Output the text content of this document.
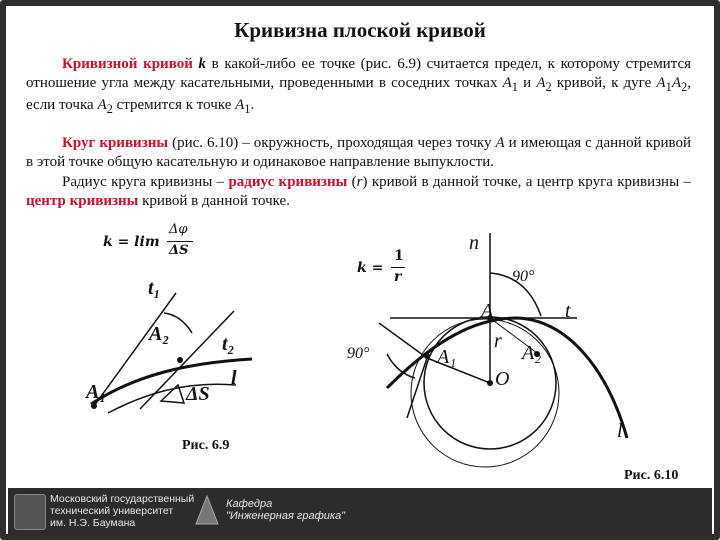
Кривизна плоской кривой
Кривизной кривой k в какой-либо ее точке (рис. 6.9) считается предел, к которому стремится отношение угла между касательными, проведенными в соседних точках $A_1$ и $A_2$ кривой, к дуге $A_1A_2$, если точка $A_2$ стремится к точке $A_1$.
Круг кривизны (рис. 6.10) – окружность, проходящая через точку A и имеющая с данной кривой в этой точке общую касательную и одинаковое направление выпуклости.
Радиус круга кривизны – радиус кривизны (r) кривой в данной точке, а центр круга кривизны – центр кривизны кривой в данной точке.
k = lim
Δφ
ΔS
t₁
t₂
A₂
A₁
l
ΔS
Рис. 6.9
n
90°
A	t
r
O
A₁	A₂
l
90°
k =
1
r
Рис. 6.10
Московский государственный
технический университет
им. Н.Э. Баумана
Кафедра
"Инженерная графика"
